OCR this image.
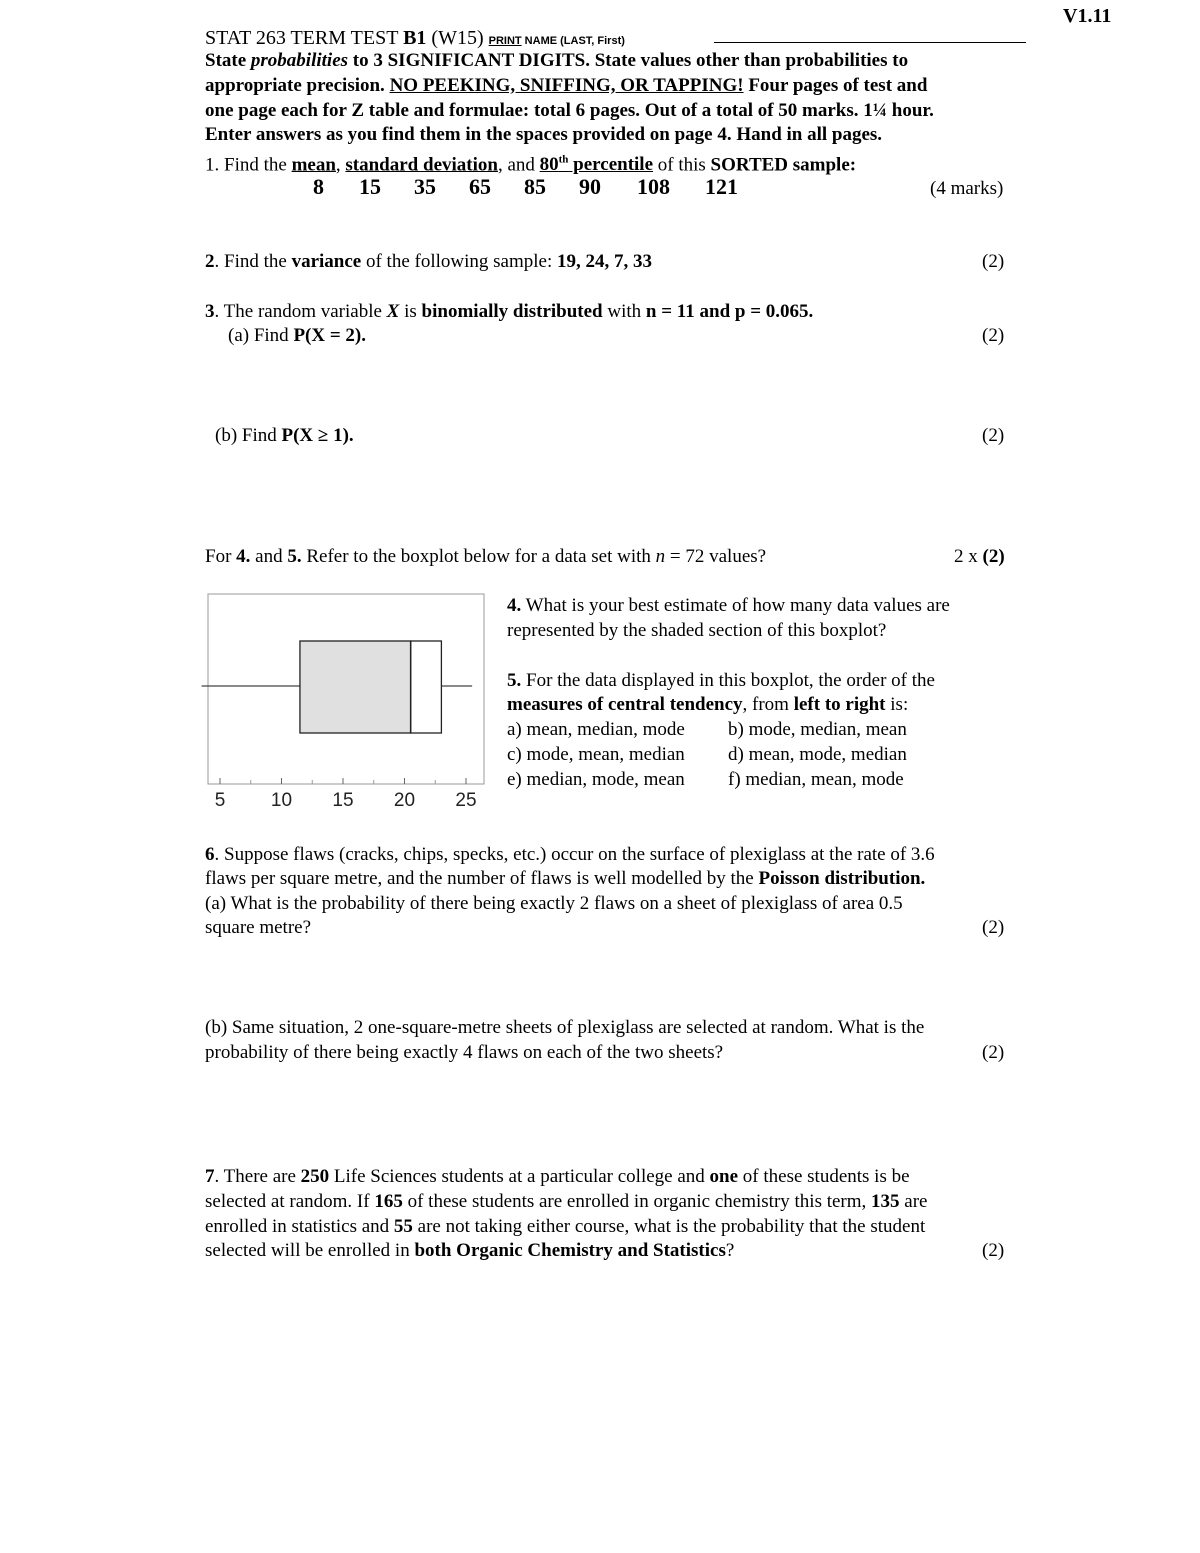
V1.11
STAT 263 TERM TEST B1 (W15) PRINT NAME (LAST, First)
State probabilities to 3 SIGNIFICANT DIGITS. State values other than probabilities to
appropriate precision. NO PEEKING, SNIFFING, OR TAPPING! Four pages of test and
one page each for Z table and formulae: total 6 pages. Out of a total of 50 marks. 1¼ hour.
Enter answers as you find them in the spaces provided on page 4. Hand in all pages.
1. Find the mean, standard deviation, and 80th percentile of this SORTED sample:
8 15 35 65 85 90 108 121	(4 marks)
2. Find the variance of the following sample: 19, 24, 7, 33	(2)
3. The random variable X is binomially distributed with n = 11 and p = 0.065.
(a) Find P(X = 2).	(2)
(b) Find P(X ≥ 1).	(2)
For 4. and 5. Refer to the boxplot below for a data set with n = 72 values?	2 x (2)
5 10 15 20 25
4. What is your best estimate of how many data values are
represented by the shaded section of this boxplot?
5. For the data displayed in this boxplot, the order of the
measures of central tendency, from left to right is:
a) mean, median, mode b) mode, median, mean
c) mode, mean, median d) mean, mode, median
e) median, mode, mean f) median, mean, mode
6. Suppose flaws (cracks, chips, specks, etc.) occur on the surface of plexiglass at the rate of 3.6
flaws per square metre, and the number of flaws is well modelled by the Poisson distribution.
(a) What is the probability of there being exactly 2 flaws on a sheet of plexiglass of area 0.5
square metre?	(2)
(b) Same situation, 2 one-square-metre sheets of plexiglass are selected at random. What is the
probability of there being exactly 4 flaws on each of the two sheets?	(2)
7. There are 250 Life Sciences students at a particular college and one of these students is be
selected at random. If 165 of these students are enrolled in organic chemistry this term, 135 are
enrolled in statistics and 55 are not taking either course, what is the probability that the student
selected will be enrolled in both Organic Chemistry and Statistics?	(2)
